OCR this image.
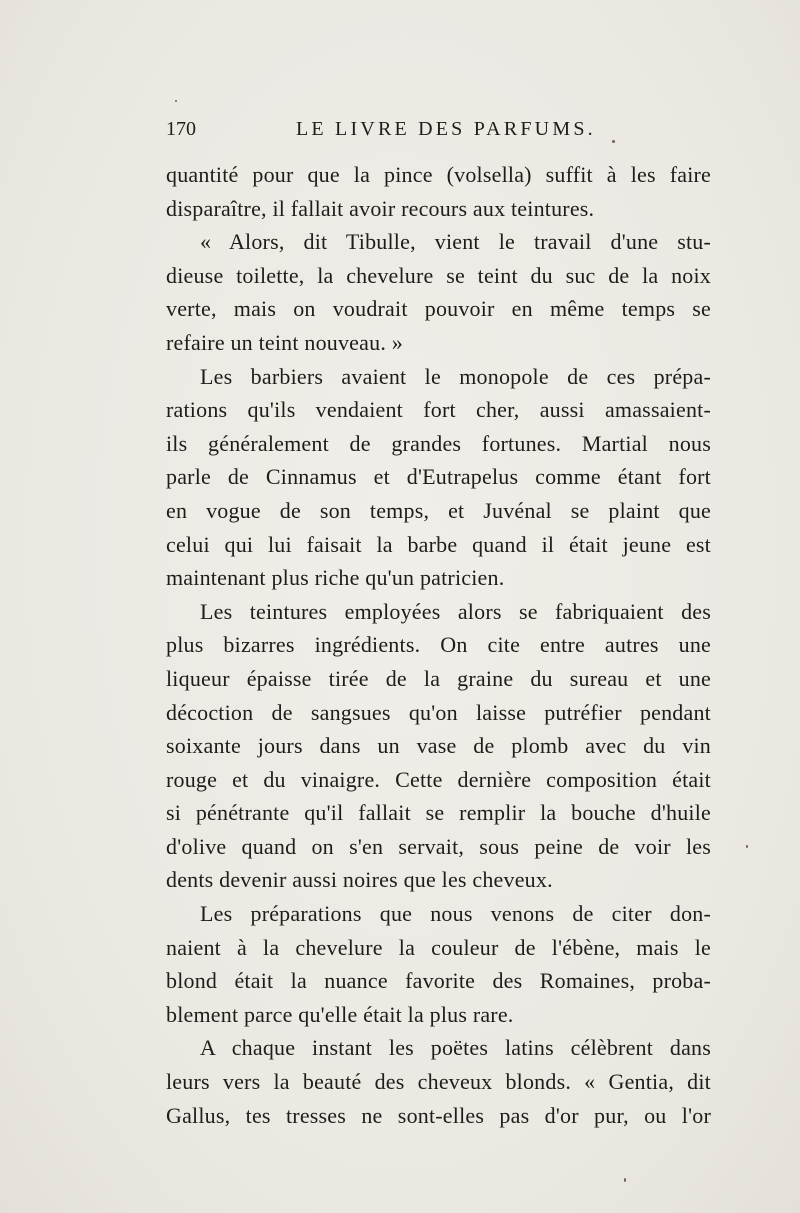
170	LE LIVRE DES PARFUMS.
quantité pour que la pince (volsella) suffit à les faire
disparaître, il fallait avoir recours aux teintures.
« Alors, dit Tibulle, vient le travail d'une stu-
dieuse toilette, la chevelure se teint du suc de la noix
verte, mais on voudrait pouvoir en même temps se
refaire un teint nouveau. »
Les barbiers avaient le monopole de ces prépa-
rations qu'ils vendaient fort cher, aussi amassaient-
ils généralement de grandes fortunes. Martial nous
parle de Cinnamus et d'Eutrapelus comme étant fort
en vogue de son temps, et Juvénal se plaint que
celui qui lui faisait la barbe quand il était jeune est
maintenant plus riche qu'un patricien.
Les teintures employées alors se fabriquaient des
plus bizarres ingrédients. On cite entre autres une
liqueur épaisse tirée de la graine du sureau et une
décoction de sangsues qu'on laisse putréfier pendant
soixante jours dans un vase de plomb avec du vin
rouge et du vinaigre. Cette dernière composition était
si pénétrante qu'il fallait se remplir la bouche d'huile
d'olive quand on s'en servait, sous peine de voir les
dents devenir aussi noires que les cheveux.
Les préparations que nous venons de citer don-
naient à la chevelure la couleur de l'ébène, mais le
blond était la nuance favorite des Romaines, proba-
blement parce qu'elle était la plus rare.
A chaque instant les poëtes latins célèbrent dans
leurs vers la beauté des cheveux blonds. « Gentia, dit
Gallus, tes tresses ne sont-elles pas d'or pur, ou l'or
